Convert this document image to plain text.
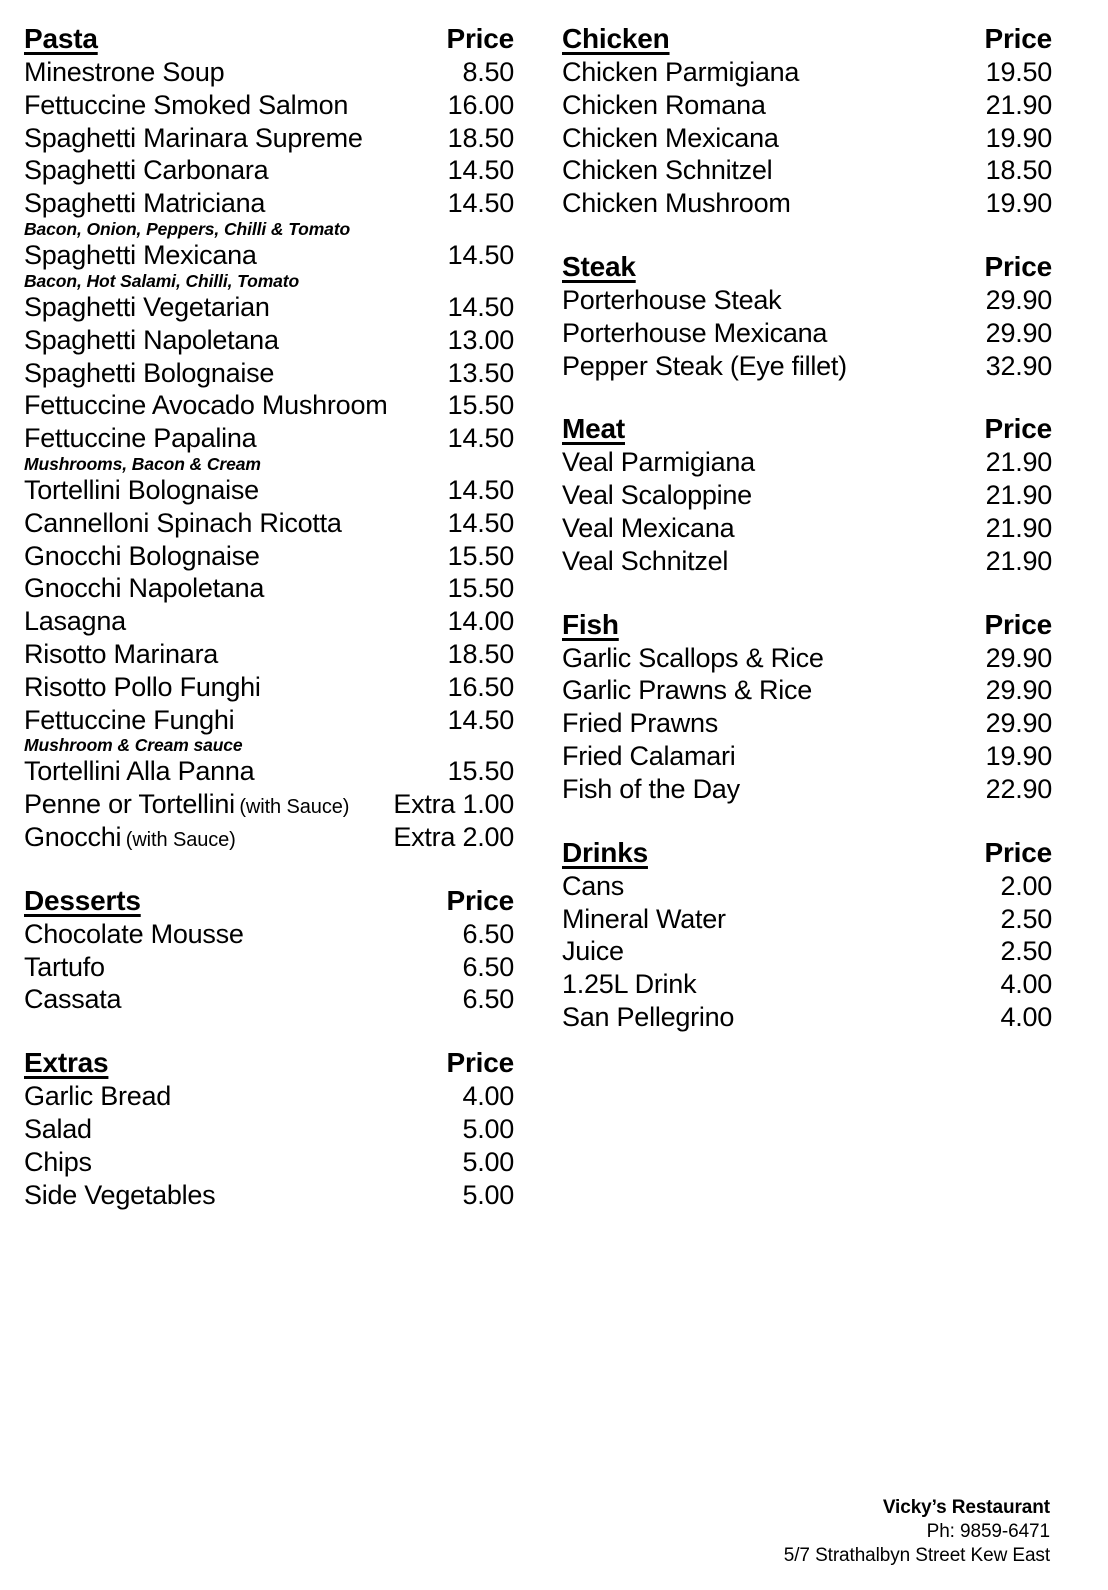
Pasta	Price
Minestrone Soup	8.50
Fettuccine Smoked Salmon	16.00
Spaghetti Marinara Supreme	18.50
Spaghetti Carbonara	14.50
Spaghetti Matriciana	14.50
Bacon, Onion, Peppers, Chilli & Tomato
Spaghetti Mexicana	14.50
Bacon, Hot Salami, Chilli, Tomato
Spaghetti Vegetarian	14.50
Spaghetti Napoletana	13.00
Spaghetti Bolognaise	13.50
Fettuccine Avocado Mushroom	15.50
Fettuccine Papalina	14.50
Mushrooms, Bacon & Cream
Tortellini Bolognaise	14.50
Cannelloni Spinach Ricotta	14.50
Gnocchi Bolognaise	15.50
Gnocchi Napoletana	15.50
Lasagna	14.00
Risotto Marinara	18.50
Risotto Pollo Funghi	16.50
Fettuccine Funghi	14.50
Mushroom & Cream sauce
Tortellini Alla Panna	15.50
Penne or Tortellini (with Sauce)	Extra 1.00
Gnocchi (with Sauce)	Extra 2.00
Desserts	Price
Chocolate Mousse	6.50
Tartufo	6.50
Cassata	6.50
Extras	Price
Garlic Bread	4.00
Salad	5.00
Chips	5.00
Side Vegetables	5.00
Chicken	Price
Chicken Parmigiana	19.50
Chicken Romana	21.90
Chicken Mexicana	19.90
Chicken Schnitzel	18.50
Chicken Mushroom	19.90
Steak	Price
Porterhouse Steak	29.90
Porterhouse Mexicana	29.90
Pepper Steak (Eye fillet)	32.90
Meat	Price
Veal Parmigiana	21.90
Veal Scaloppine	21.90
Veal Mexicana	21.90
Veal Schnitzel	21.90
Fish	Price
Garlic Scallops & Rice	29.90
Garlic Prawns & Rice	29.90
Fried Prawns	29.90
Fried Calamari	19.90
Fish of the Day	22.90
Drinks	Price
Cans	2.00
Mineral Water	2.50
Juice	2.50
1.25L Drink	4.00
San Pellegrino	4.00
Vicky’s Restaurant
Ph: 9859-6471
5/7 Strathalbyn Street Kew East
